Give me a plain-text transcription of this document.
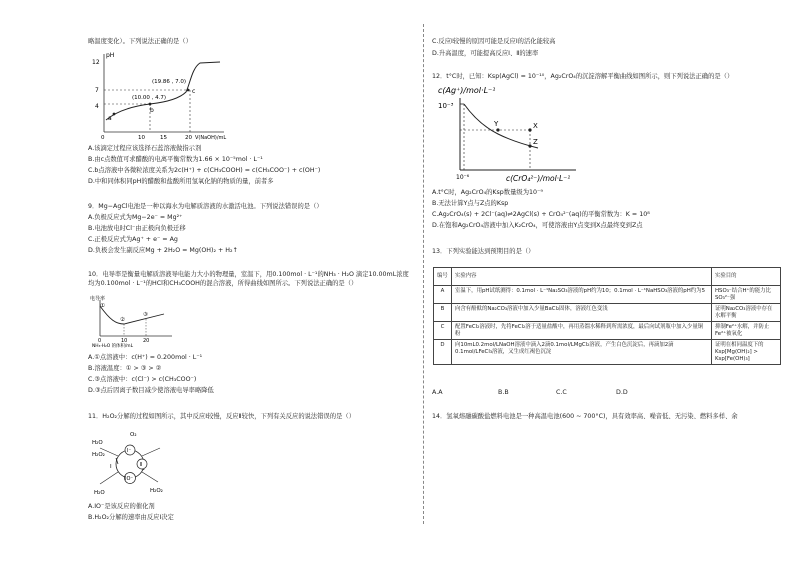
略温度变化）。下列说法正确的是（）
pH
12
7
4
a
b
c
(19.86 , 7.0)
(10.00 , 4.7)
0	10	15	20 V(NaOH)/mL
A.该滴定过程应该选择石蕊溶液做指示剂
B.由c点数值可求醋酸的电离平衡常数为1.66 × 10⁻⁵mol · L⁻¹
C.b点溶液中各微粒浓度关系为2c(H⁺) + c(CH₃COOH) = c(CH₃COO⁻) + c(OH⁻)
D.中和同体积同pH的醋酸和盐酸所用氢氧化钠的物质的量，前者多
9．Mg−AgCl电池是一种以海水为电解质溶液的水激活电池。下列说法错误的是（）
A.负极反应式为Mg−2e⁻ = Mg²⁺
B.电池放电时Cl⁻由正极向负极迁移
C.正极反应式为Ag⁺ + e⁻ = Ag
D.负极会发生副反应Mg + 2H₂O = Mg(OH)₂ + H₂↑
10．电导率是衡量电解质溶液导电能力大小的物理量，室温下，用0.100mol · L⁻¹的NH₃ · H₂O 滴定10.00mL浓度均为0.100mol · L⁻¹的HCl和CH₃COOH的混合溶液，所得曲线如图所示。下列说法正确的是（）
电导率
①
②
③
0	10	20
NH₃·H₂O 的体积/mL
A.①点溶液中：c(H⁺) = 0.200mol · L⁻¹
B.溶液温度：① > ③ > ②
C.③点溶液中：c(Cl⁻) > c(CH₃COO⁻)
D.③点后因离子数目减少使溶液电导率略降低
11．H₂O₂分解的过程如图所示，其中反应Ⅰ较慢，反应Ⅱ较快，下列有关反应的说法错误的是（）
H₂O
H₂O₂
O₂
IO⁻
I⁻
Ⅰ	Ⅱ
H₂O₂
H₂O
A.IO⁻是该反应的催化剂
B.H₂O₂分解的速率由反应Ⅰ决定
C.反应Ⅰ较慢的原因可能是反应Ⅰ的活化能较高
D.升高温度，可能提高反应Ⅰ、Ⅱ的速率
12．t°C时，已知：Ksp(AgCl) = 10⁻¹⁰，Ag₂CrO₄的沉淀溶解平衡曲线如图所示，则下列说法正确的是（）
c(Ag⁺)/mol·L⁻¹
10⁻³
Y	X
Z
10⁻⁶	c(CrO₄²⁻)/mol·L⁻¹
A.t°C时，Ag₂CrO₄的Ksp数量级为10⁻⁹
B.无法计算Y点与Z点的Ksp
C.Ag₂CrO₄(s) + 2Cl⁻(aq)⇌2AgCl(s) + CrO₄²⁻(aq)的平衡常数为：K = 10⁸
D.在饱和Ag₂CrO₄溶液中加入K₂CrO₄，可使溶液由Y点变到X点最终变到Z点
13．下列实验能达到预期目的是（）
编号	实验内容	实验目的
A	室温下，用pH试纸测得：0.1mol · L⁻¹Na₂SO₃溶液的pH约为10；0.1mol · L⁻¹NaHSO₃溶液的pH约为5	HSO₃⁻结合H⁺的能力比SO₃²⁻强
B	向含有酚酞的Na₂CO₃溶液中加入少量BaCl₂固体，溶液红色变浅	证明Na₂CO₃溶液中存在水解平衡
C	配置FeCl₂溶液时，先将FeCl₂溶于适量盐酸中，再用蒸馏水稀释到所需浓度，最后向试剂瓶中加入少量铜粉	抑制Fe²⁺水解，并防止Fe²⁺被氧化
D	向10mL0.2mol/LNaOH溶液中滴入2滴0.1mol/LMgCl₂溶液，产生白色沉淀后，再滴加2滴0.1mol/LFeCl₃溶液，又生成红褐色沉淀	证明在相同温度下的Ksp[Mg(OH)₂] > Ksp[Fe(OH)₃]
A.A	B.B	C.C	D.D
14．氢氧熔融碳酸盐燃料电池是一种高温电池(600 ~ 700°C)，具有效率高、噪音低、无污染、燃料多样、余
